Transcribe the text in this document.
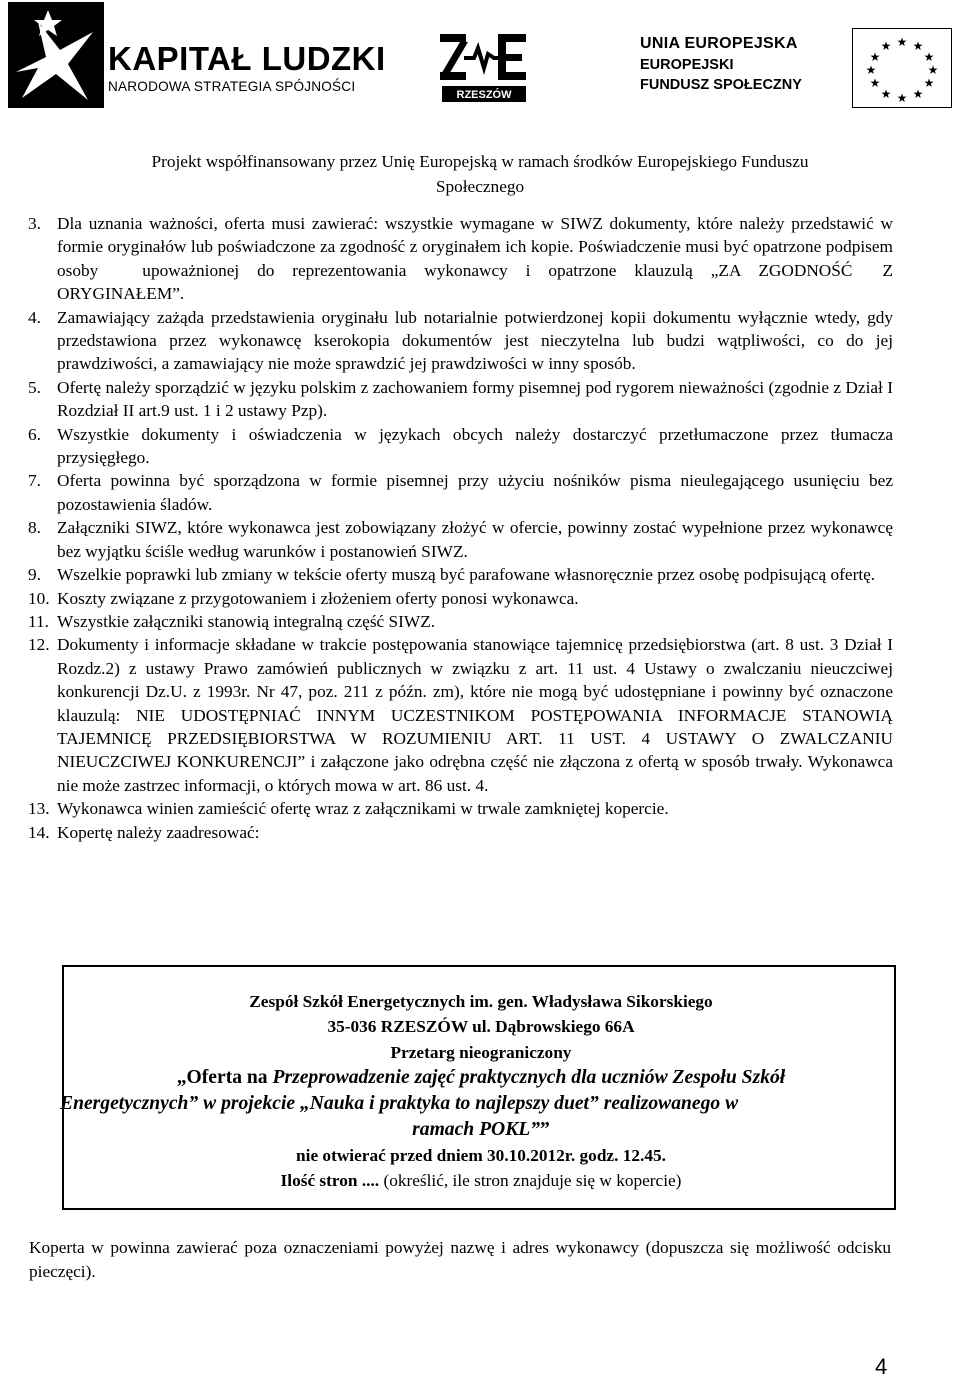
KAPITAŁ LUDZKI
NARODOWA STRATEGIA SPÓJNOŚCI
RZESZÓW
UNIA EUROPEJSKA
EUROPEJSKI
FUNDUSZ SPOŁECZNY
★ ★
★
★
★
★
★
★
★
★
★
★
Projekt współfinansowany przez Unię Europejską w ramach środków Europejskiego Funduszu
Społecznego
3. Dla uznania ważności, oferta musi zawierać: wszystkie wymagane w SIWZ dokumenty, które należy przedstawić w formie oryginałów lub poświadczone za zgodność z oryginałem ich kopie. Poświadczenie musi być opatrzone podpisem osoby	upoważnionej do reprezentowania wykonawcy i opatrzone klauzulą „ZA ZGODNOŚĆ Z ORYGINAŁEM”.
4. Zamawiający zażąda przedstawienia oryginału lub notarialnie potwierdzonej kopii dokumentu wyłącznie wtedy, gdy przedstawiona przez wykonawcę kserokopia dokumentów jest nieczytelna lub budzi wątpliwości, co do jej prawdziwości, a zamawiający nie może sprawdzić jej prawdziwości w inny sposób.
5. Ofertę należy sporządzić w języku polskim z zachowaniem formy pisemnej pod rygorem nieważności (zgodnie z Dział I Rozdział II art.9 ust. 1 i 2 ustawy Pzp).
6. Wszystkie dokumenty i oświadczenia w językach obcych należy dostarczyć przetłumaczone przez tłumacza przysięgłego.
7. Oferta powinna być sporządzona w formie pisemnej przy użyciu nośników pisma nieulegającego usunięciu bez pozostawienia śladów.
8. Załączniki SIWZ, które wykonawca jest zobowiązany złożyć w ofercie, powinny zostać wypełnione przez wykonawcę bez wyjątku ściśle według warunków i postanowień SIWZ.
9. Wszelkie poprawki lub zmiany w tekście oferty muszą być parafowane własnoręcznie przez osobę podpisującą ofertę.
10. Koszty związane z przygotowaniem i złożeniem oferty ponosi wykonawca.
11. Wszystkie załączniki stanowią integralną część SIWZ.
12. Dokumenty i informacje składane w trakcie postępowania stanowiące tajemnicę przedsiębiorstwa (art. 8 ust. 3 Dział I Rozdz.2) z ustawy Prawo zamówień publicznych w związku z art. 11 ust. 4 Ustawy o zwalczaniu nieuczciwej konkurencji Dz.U. z 1993r. Nr 47, poz. 211 z późn. zm), które nie mogą być udostępniane i powinny być oznaczone klauzulą: NIE UDOSTĘPNIAĆ INNYM UCZESTNIKOM POSTĘPOWANIA INFORMACJE STANOWIĄ TAJEMNICĘ PRZEDSIĘBIORSTWA W ROZUMIENIU ART. 11 UST. 4 USTAWY O ZWALCZANIU NIEUCZCIWEJ KONKURENCJI” i załączone jako odrębna część nie złączona z ofertą w sposób trwały. Wykonawca nie może zastrzec informacji, o których mowa w art. 86 ust. 4.
13. Wykonawca winien zamieścić ofertę wraz z załącznikami w trwale zamkniętej kopercie.
14. Kopertę należy zaadresować:
Zespół Szkół Energetycznych im. gen. Władysława Sikorskiego
35-036 RZESZÓW ul. Dąbrowskiego 66A
Przetarg nieograniczony
„Oferta na Przeprowadzenie zajęć praktycznych dla uczniów Zespołu Szkół
Energetycznych” w projekcie „Nauka i praktyka to najlepszy duet” realizowanego w
ramach POKL””
nie otwierać przed dniem 30.10.2012r. godz. 12.45.
Ilość stron .... (określić, ile stron znajduje się w kopercie)
Koperta w powinna zawierać poza oznaczeniami powyżej nazwę i adres wykonawcy (dopuszcza się możliwość odcisku pieczęci).
4
